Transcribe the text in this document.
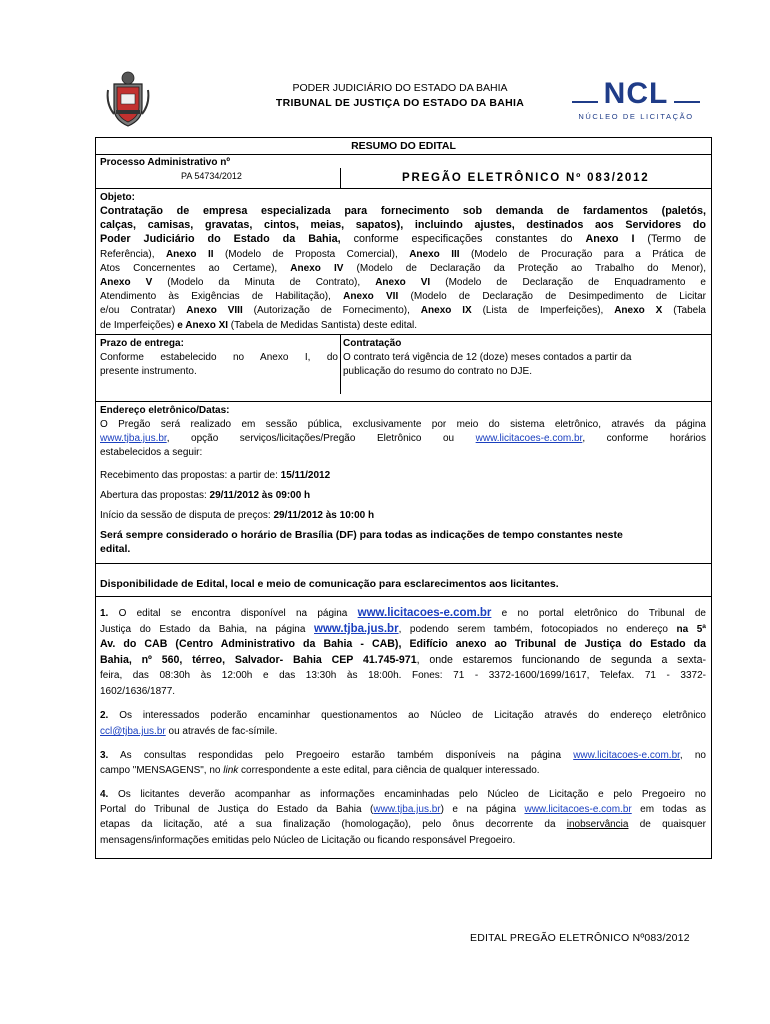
PODER JUDICIÁRIO DO ESTADO DA BAHIA
TRIBUNAL DE JUSTIÇA DO ESTADO DA BAHIA	NCL
NÚCLEO DE LICITAÇÃO
RESUMO DO EDITAL
Processo Administrativo nº
PA 54734/2012	PREGÃO ELETRÔNICO Nº 083/2012
Objeto:
Contratação de empresa especializada para fornecimento sob demanda de fardamentos (paletós,
calças, camisas, gravatas, cintos, meias, sapatos), incluindo ajustes, destinados aos Servidores do
Poder Judiciário do Estado da Bahia, conforme especificações constantes do Anexo I (Termo de
Referência), Anexo II (Modelo de Proposta Comercial), Anexo III (Modelo de Procuração para a Prática de
Atos Concernentes ao Certame), Anexo IV (Modelo de Declaração da Proteção ao Trabalho do Menor),
Anexo V (Modelo da Minuta de Contrato), Anexo VI (Modelo de Declaração de Enquadramento e
Atendimento às Exigências de Habilitação), Anexo VII (Modelo de Declaração de Desimpedimento de Licitar
e/ou Contratar) Anexo VIII (Autorização de Fornecimento), Anexo IX (Lista de Imperfeições), Anexo X (Tabela
de Imperfeições) e Anexo XI (Tabela de Medidas Santista) deste edital.
Prazo de entrega:
Conforme estabelecido no Anexo I, do
presente instrumento.
Contratação
O contrato terá vigência de 12 (doze) meses contados a partir da
publicação do resumo do contrato no DJE.
Endereço eletrônico/Datas:
O Pregão será realizado em sessão pública, exclusivamente por meio do sistema eletrônico, através da página
www.tjba.jus.br, opção serviços/licitações/Pregão Eletrônico ou www.licitacoes-e.com.br, conforme horários
estabelecidos a seguir:
Recebimento das propostas: a partir de: 15/11/2012
Abertura das propostas: 29/11/2012 às 09:00 h
Início da sessão de disputa de preços: 29/11/2012 às 10:00 h
Será sempre considerado o horário de Brasília (DF) para todas as indicações de tempo constantes neste
edital.
Disponibilidade de Edital, local e meio de comunicação para esclarecimentos aos licitantes.
1. O edital se encontra disponível na página www.licitacoes-e.com.br e no portal eletrônico do Tribunal de
Justiça do Estado da Bahia, na página www.tjba.jus.br, podendo serem também, fotocopiados no endereço na 5ª
Av. do CAB (Centro Administrativo da Bahia - CAB), Edifício anexo ao Tribunal de Justiça do Estado da
Bahia, nº 560, térreo, Salvador- Bahia CEP 41.745-971, onde estaremos funcionando de segunda a sexta-
feira, das 08:30h às 12:00h e das 13:30h às 18:00h. Fones: 71 - 3372-1600/1699/1617, Telefax. 71 - 3372-
1602/1636/1877.
2. Os interessados poderão encaminhar questionamentos ao Núcleo de Licitação através do endereço eletrônico
ccl@tjba.jus.br ou através de fac-símile.
3. As consultas respondidas pelo Pregoeiro estarão também disponíveis na página www.licitacoes-e.com.br, no
campo "MENSAGENS", no link correspondente a este edital, para ciência de qualquer interessado.
4. Os licitantes deverão acompanhar as informações encaminhadas pelo Núcleo de Licitação e pelo Pregoeiro no
Portal do Tribunal de Justiça do Estado da Bahia (www.tjba.jus.br) e na página www.licitacoes-e.com.br em todas as
etapas da licitação, até a sua finalização (homologação), pelo ônus decorrente da inobservância de quaisquer
mensagens/informações emitidas pelo Núcleo de Licitação ou ficando responsável Pregoeiro.
EDITAL PREGÃO ELETRÔNICO Nº083/2012
